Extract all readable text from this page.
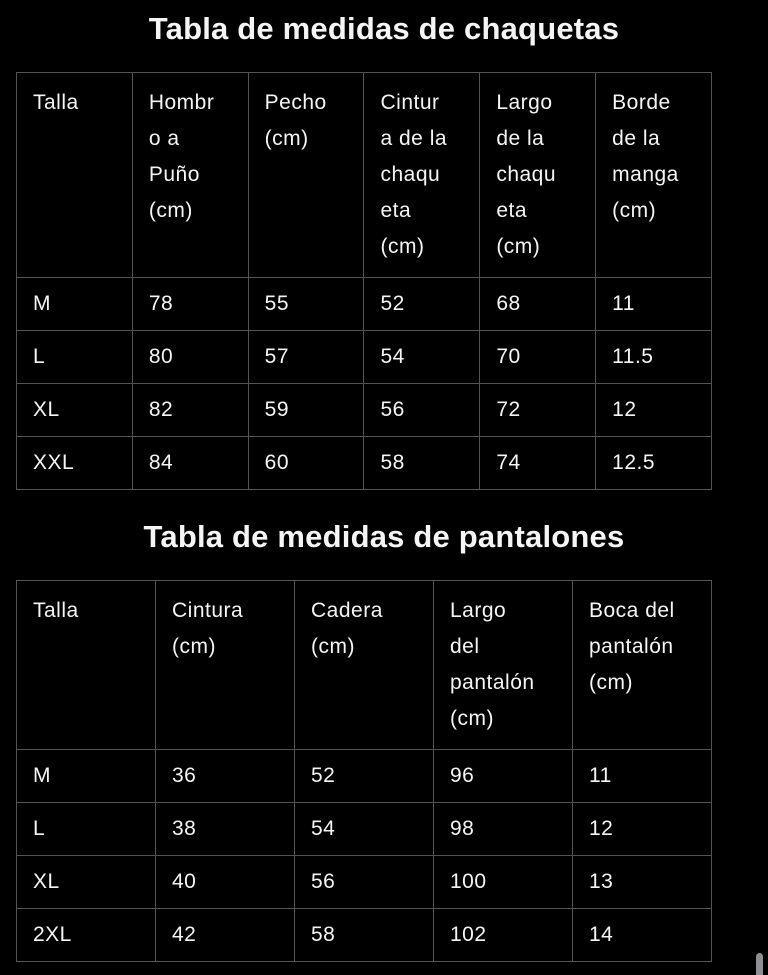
Tabla de medidas de chaquetas
Talla	Hombro a Puño (cm)	Pecho (cm)	Cintura de la chaqueta (cm)	Largo de la chaqueta (cm)	Borde de la manga (cm)
M	78	55	52	68	11
L	80	57	54	70	11.5
XL	82	59	56	72	12
XXL	84	60	58	74	12.5
Tabla de medidas de pantalones
Talla	Cintura (cm)	Cadera (cm)	Largo del pantalón (cm)	Boca del pantalón (cm)
M	36	52	96	11
L	38	54	98	12
XL	40	56	100	13
2XL	42	58	102	14
